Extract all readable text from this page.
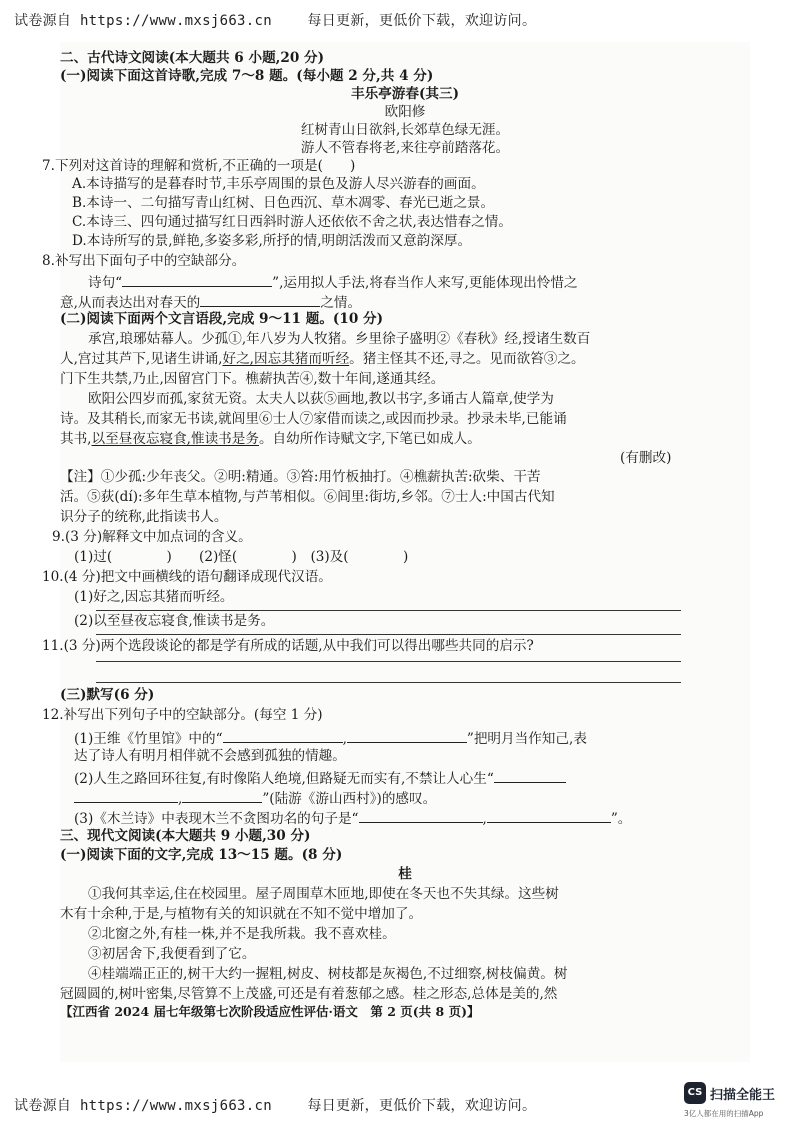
试卷源自 https://www.mxsj663.cn	每日更新，更低价下载，欢迎访问。
二、古代诗文阅读(本大题共 6 小题,20 分)
(一)阅读下面这首诗歌,完成 7～8 题。(每小题 2 分,共 4 分)
丰乐亭游春(其三)
欧阳修
红树青山日欲斜,长郊草色绿无涯。
游人不管春将老,来往亭前踏落花。
7.下列对这首诗的理解和赏析,不正确的一项是(　　)
A.本诗描写的是暮春时节,丰乐亭周围的景色及游人尽兴游春的画面。
B.本诗一、二句描写青山红树、日色西沉、草木凋零、春光已逝之景。
C.本诗三、四句通过描写红日西斜时游人还依依不舍之状,表达惜春之情。
D.本诗所写的景,鲜艳,多姿多彩,所抒的情,明朗活泼而又意韵深厚。
8.补写出下面句子中的空缺部分。
诗句“	”,运用拟人手法,将春当作人来写,更能体现出怜惜之
意,从而表达出对春天的	之情。
(二)阅读下面两个文言语段,完成 9～11 题。(10 分)
承宫,琅琊姑幕人。少孤①,年八岁为人牧猪。乡里徐子盛明②《春秋》经,授诸生数百
人,宫过其芦下,见诸生讲诵,好之,因忘其猪而听经。猪主怪其不还,寻之。见而欲笞③之。
门下生共禁,乃止,因留宫门下。樵薪执苦④,数十年间,遂通其经。
欧阳公四岁而孤,家贫无资。太夫人以荻⑤画地,教以书字,多诵古人篇章,使学为
诗。及其稍长,而家无书读,就闾里⑥士人⑦家借而读之,或因而抄录。抄录未毕,已能诵
其书,以至昼夜忘寝食,惟读书是务。自幼所作诗赋文字,下笔已如成人。
(有删改)
【注】①少孤:少年丧父。②明:精通。③笞:用竹板抽打。④樵薪执苦:砍柴、干苦
活。⑤荻(dí):多年生草本植物,与芦苇相似。⑥闾里:街坊,乡邻。⑦士人:中国古代知
识分子的统称,此指读书人。
9.(3 分)解释文中加点词的含义。
(1)过(　　　　)　　(2)怪(　　　　)　(3)及(　　　　)
10.(4 分)把文中画横线的语句翻译成现代汉语。
(1)好之,因忘其猪而听经。
(2)以至昼夜忘寝食,惟读书是务。
11.(3 分)两个选段谈论的都是学有所成的话题,从中我们可以得出哪些共同的启示?
(三)默写(6 分)
12.补写出下列句子中的空缺部分。(每空 1 分)
(1)王维《竹里馆》中的“	,	”把明月当作知己,表
达了诗人有明月相伴就不会感到孤独的情趣。
(2)人生之路回环往复,有时像陷人绝境,但路疑无而实有,不禁让人心生“
,	”(陆游《游山西村》)的感叹。
(3)《木兰诗》中表现木兰不贪图功名的句子是“	,	”。
三、现代文阅读(本大题共 9 小题,30 分)
(一)阅读下面的文字,完成 13～15 题。(8 分)
桂
①我何其幸运,住在校园里。屋子周围草木匝地,即使在冬天也不失其绿。这些树
木有十余种,于是,与植物有关的知识就在不知不觉中增加了。
②北窗之外,有桂一株,并不是我所栽。我不喜欢桂。
③初居舍下,我便看到了它。
④桂端端正正的,树干大约一握粗,树皮、树枝都是灰褐色,不过细察,树枝偏黄。树
冠圆圆的,树叶密集,尽管算不上茂盛,可还是有着葱郁之感。桂之形态,总体是美的,然
【江西省 2024 届七年级第七次阶段适应性评估·语文　第 2 页(共 8 页)】
试卷源自 https://www.mxsj663.cn	每日更新，更低价下载，欢迎访问。
CS 扫描全能王
3亿人都在用的扫描App
